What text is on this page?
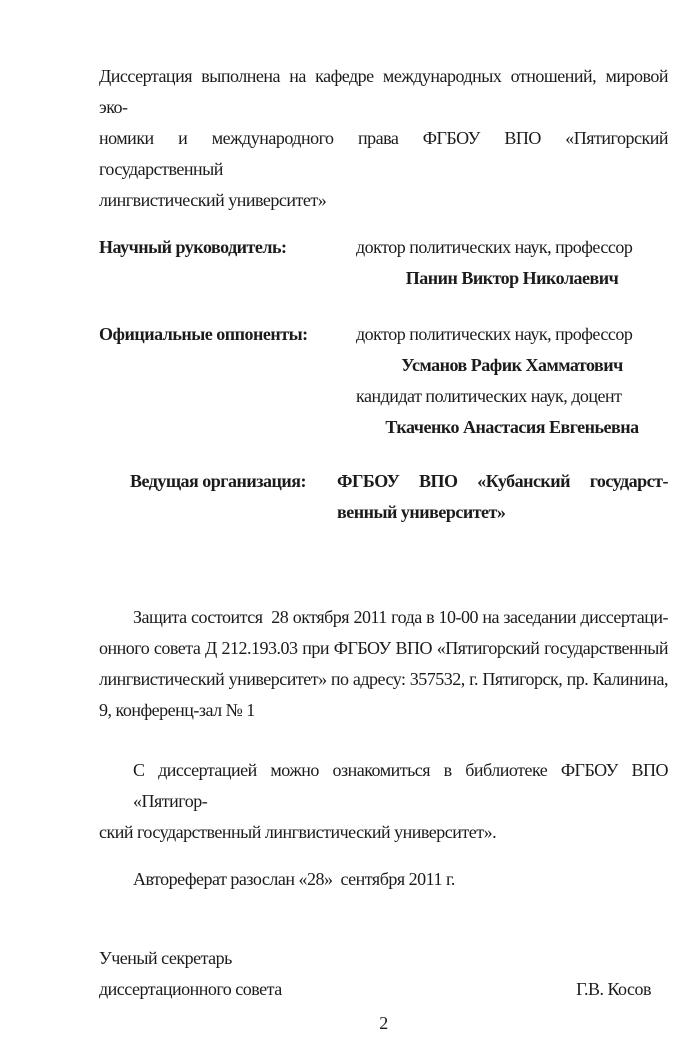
Диссертация выполнена на кафедре международных отношений, мировой эко-
номики и международного права ФГБОУ ВПО «Пятигорский государственный
лингвистический университет»
Научный руководитель:	доктор политических наук, профессор
Панин Виктор Николаевич
Официальные оппоненты:	доктор политических наук, профессор
Усманов Рафик Хамматович
кандидат политических наук, доцент
Ткаченко Анастасия Евгеньевна
Ведущая организация:	ФГБОУ ВПО «Кубанский государст-
венный университет»
Защита состоится  28 октября 2011 года в 10-00 на заседании диссертаци-
онного совета Д 212.193.03 при ФГБОУ ВПО «Пятигорский государственный
лингвистический университет» по адресу: 357532, г. Пятигорск, пр. Калинина,
9, конференц-зал № 1
С диссертацией можно ознакомиться в библиотеке ФГБОУ ВПО «Пятигор-
ский государственный лингвистический университет».
Автореферат разослан «28»  сентября 2011 г.
Ученый секретарь
диссертационного совета	Г.В. Косов
2
